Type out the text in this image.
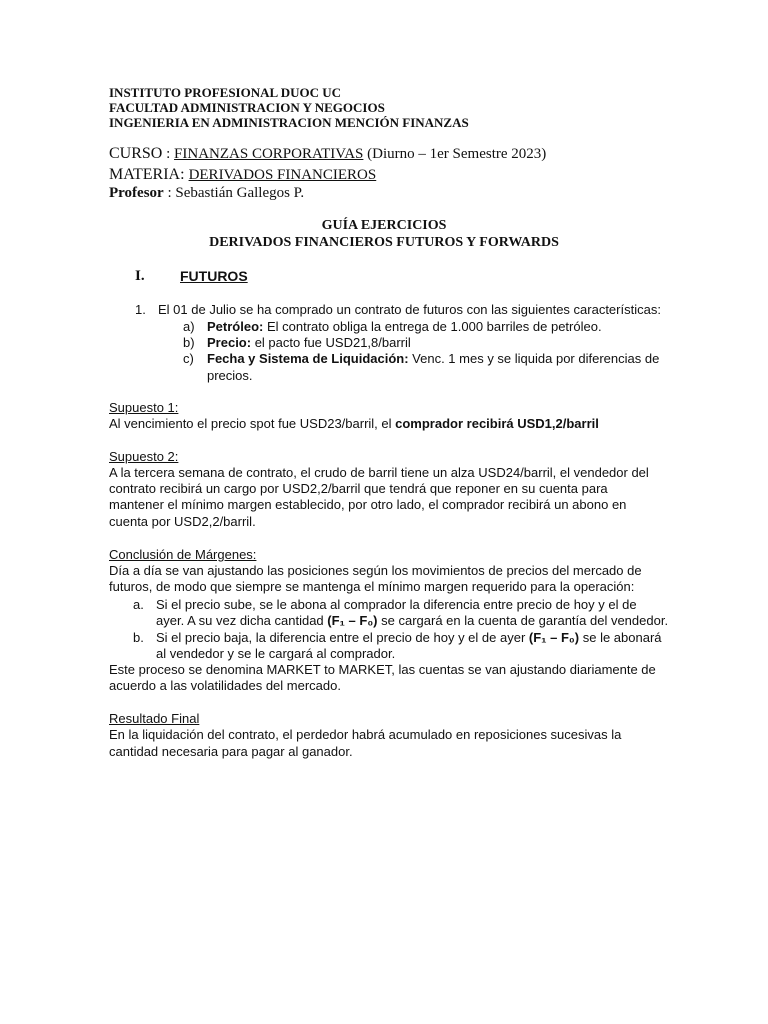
INSTITUTO PROFESIONAL DUOC UC
FACULTAD ADMINISTRACION Y NEGOCIOS
INGENIERIA EN ADMINISTRACION MENCIÓN FINANZAS
CURSO : FINANZAS CORPORATIVAS (Diurno – 1er Semestre 2023)
MATERIA: DERIVADOS FINANCIEROS
Profesor : Sebastián Gallegos P.
GUÍA EJERCICIOS
DERIVADOS FINANCIEROS FUTUROS Y FORWARDS
I.	FUTUROS
1. El 01 de Julio se ha comprado un contrato de futuros con las siguientes características:
a) Petróleo: El contrato obliga la entrega de 1.000 barriles de petróleo.
b) Precio: el pacto fue USD21,8/barril
c) Fecha y Sistema de Liquidación: Venc. 1 mes y se liquida por diferencias de
precios.
Supuesto 1:
Al vencimiento el precio spot fue USD23/barril, el comprador recibirá USD1,2/barril
Supuesto 2:
A la tercera semana de contrato, el crudo de barril tiene un alza USD24/barril, el vendedor del
contrato recibirá un cargo por USD2,2/barril que tendrá que reponer en su cuenta para
mantener el mínimo margen establecido, por otro lado, el comprador recibirá un abono en
cuenta por USD2,2/barril.
Conclusión de Márgenes:
Día a día se van ajustando las posiciones según los movimientos de precios del mercado de
futuros, de modo que siempre se mantenga el mínimo margen requerido para la operación:
a. Si el precio sube, se le abona al comprador la diferencia entre precio de hoy y el de
ayer. A su vez dicha cantidad (F₁ – F₀) se cargará en la cuenta de garantía del vendedor.
b. Si el precio baja, la diferencia entre el precio de hoy y el de ayer (F₁ – F₀) se le abonará
al vendedor y se le cargará al comprador.
Este proceso se denomina MARKET to MARKET, las cuentas se van ajustando diariamente de
acuerdo a las volatilidades del mercado.
Resultado Final
En la liquidación del contrato, el perdedor habrá acumulado en reposiciones sucesivas la
cantidad necesaria para pagar al ganador.
